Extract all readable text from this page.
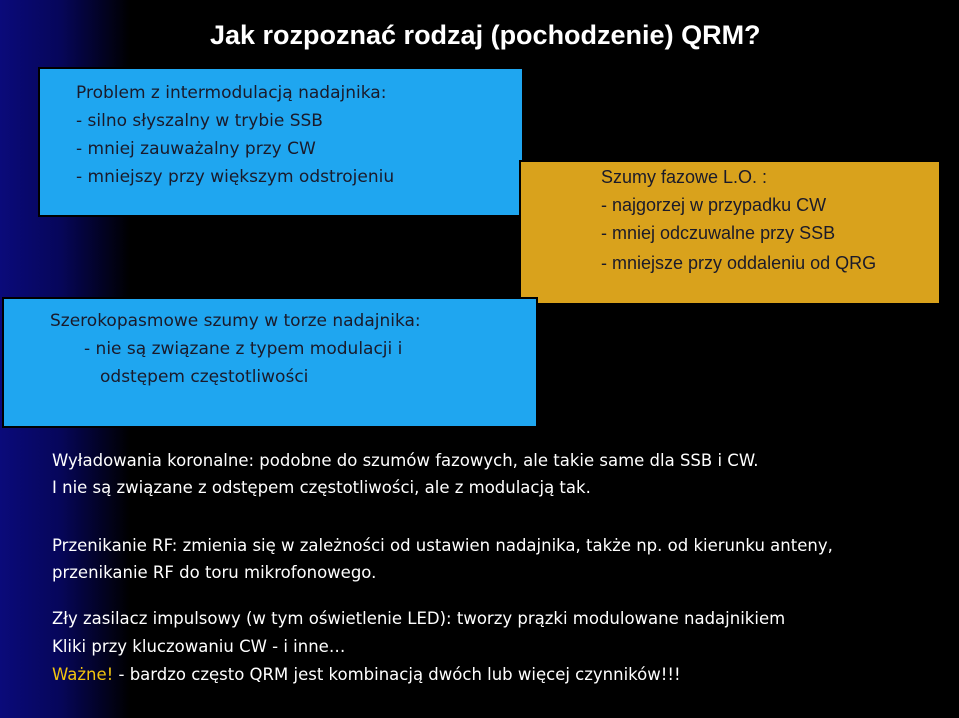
Jak rozpoznać rodzaj (pochodzenie) QRM?
Problem z intermodulacją nadajnika:
- silno słyszalny w trybie SSB
- mniej zauważalny przy CW
- mniejszy przy większym odstrojeniu	Szumy fazowe L.O. :
- najgorzej w przypadku CW
- mniej odczuwalne przy SSB
- mniejsze przy oddaleniu od QRG
Szerokopasmowe szumy w torze nadajnika:
- nie są związane z typem modulacji i
odstępem częstotliwości
Wyładowania koronalne: podobne do szumów fazowych, ale takie same dla SSB i CW.
I nie są związane z odstępem częstotliwości, ale z modulacją tak.
Przenikanie RF: zmienia się w zależności od ustawien nadajnika, także np. od kierunku anteny,
przenikanie RF do toru mikrofonowego.
Zły zasilacz impulsowy (w tym oświetlenie LED): tworzy prązki modulowane nadajnikiem
Kliki przy kluczowaniu CW - i inne…
Ważne! - bardzo często QRM jest kombinacją dwóch lub więcej czynników!!!
